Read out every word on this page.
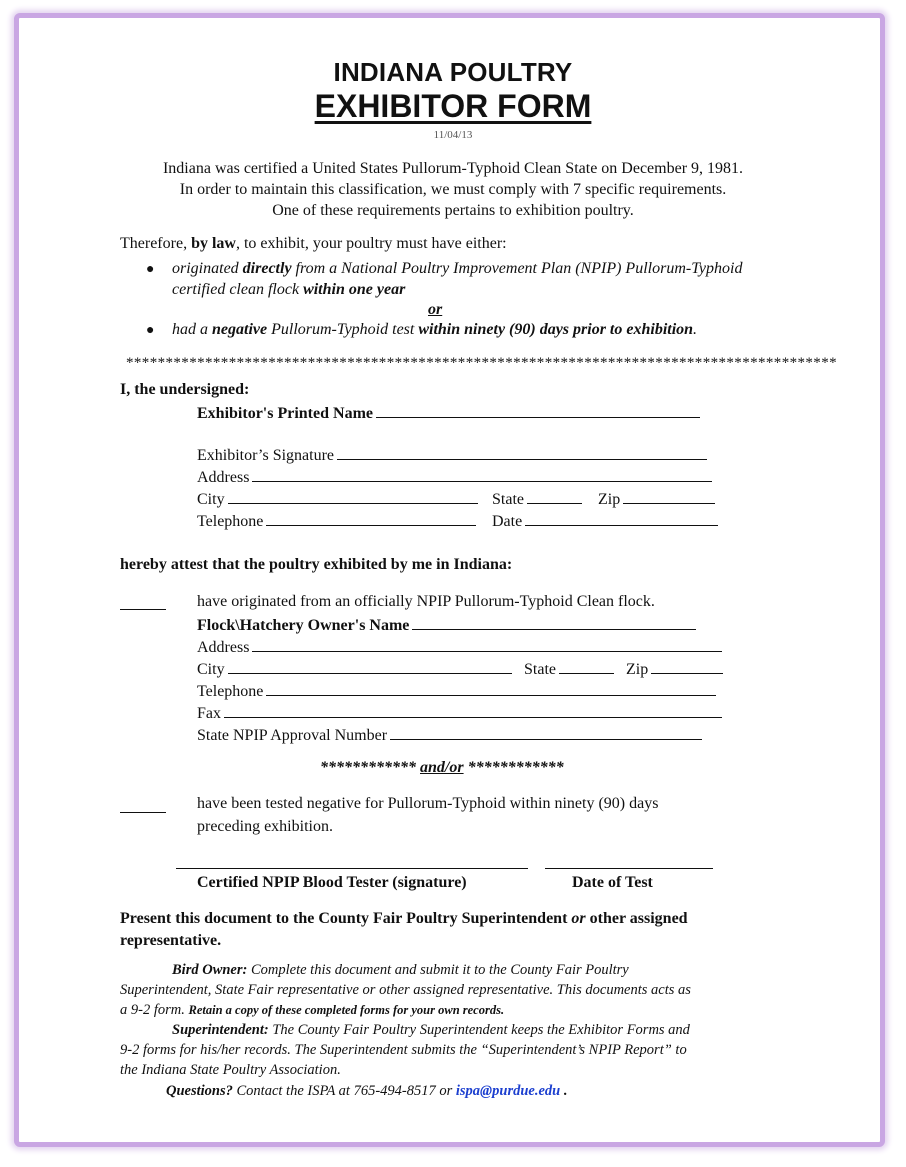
INDIANA POULTRY
EXHIBITOR FORM
11/04/13
Indiana was certified a United States Pullorum-Typhoid Clean State on December 9, 1981.
In order to maintain this classification, we must comply with 7 specific requirements.
One of these requirements pertains to exhibition poultry.
Therefore, by law, to exhibit, your poultry must have either:
● originated directly from a National Poultry Improvement Plan (NPIP) Pullorum-Typhoid
certified clean flock within one year
or
● had a negative Pullorum-Typhoid test within ninety (90) days prior to exhibition.
******************************************************************************************
I, the undersigned:
Exhibitor's Printed Name
Exhibitor’s Signature
Address
City	State	Zip
Telephone	Date
hereby attest that the poultry exhibited by me in Indiana:
have originated from an officially NPIP Pullorum-Typhoid Clean flock.
Flock\Hatchery Owner's Name
Address
City	State	Zip
Telephone
Fax
State NPIP Approval Number
************ and/or ************
have been tested negative for Pullorum-Typhoid within ninety (90) days
preceding exhibition.
Certified NPIP Blood Tester (signature)	Date of Test
Present this document to the County Fair Poultry Superintendent or other assigned
representative.
Bird Owner: Complete this document and submit it to the County Fair Poultry
Superintendent, State Fair representative or other assigned representative. This documents acts as
a 9-2 form. Retain a copy of these completed forms for your own records.
Superintendent: The County Fair Poultry Superintendent keeps the Exhibitor Forms and
9-2 forms for his/her records. The Superintendent submits the “Superintendent’s NPIP Report” to
the Indiana State Poultry Association.
Questions? Contact the ISPA at 765-494-8517 or ispa@purdue.edu .
